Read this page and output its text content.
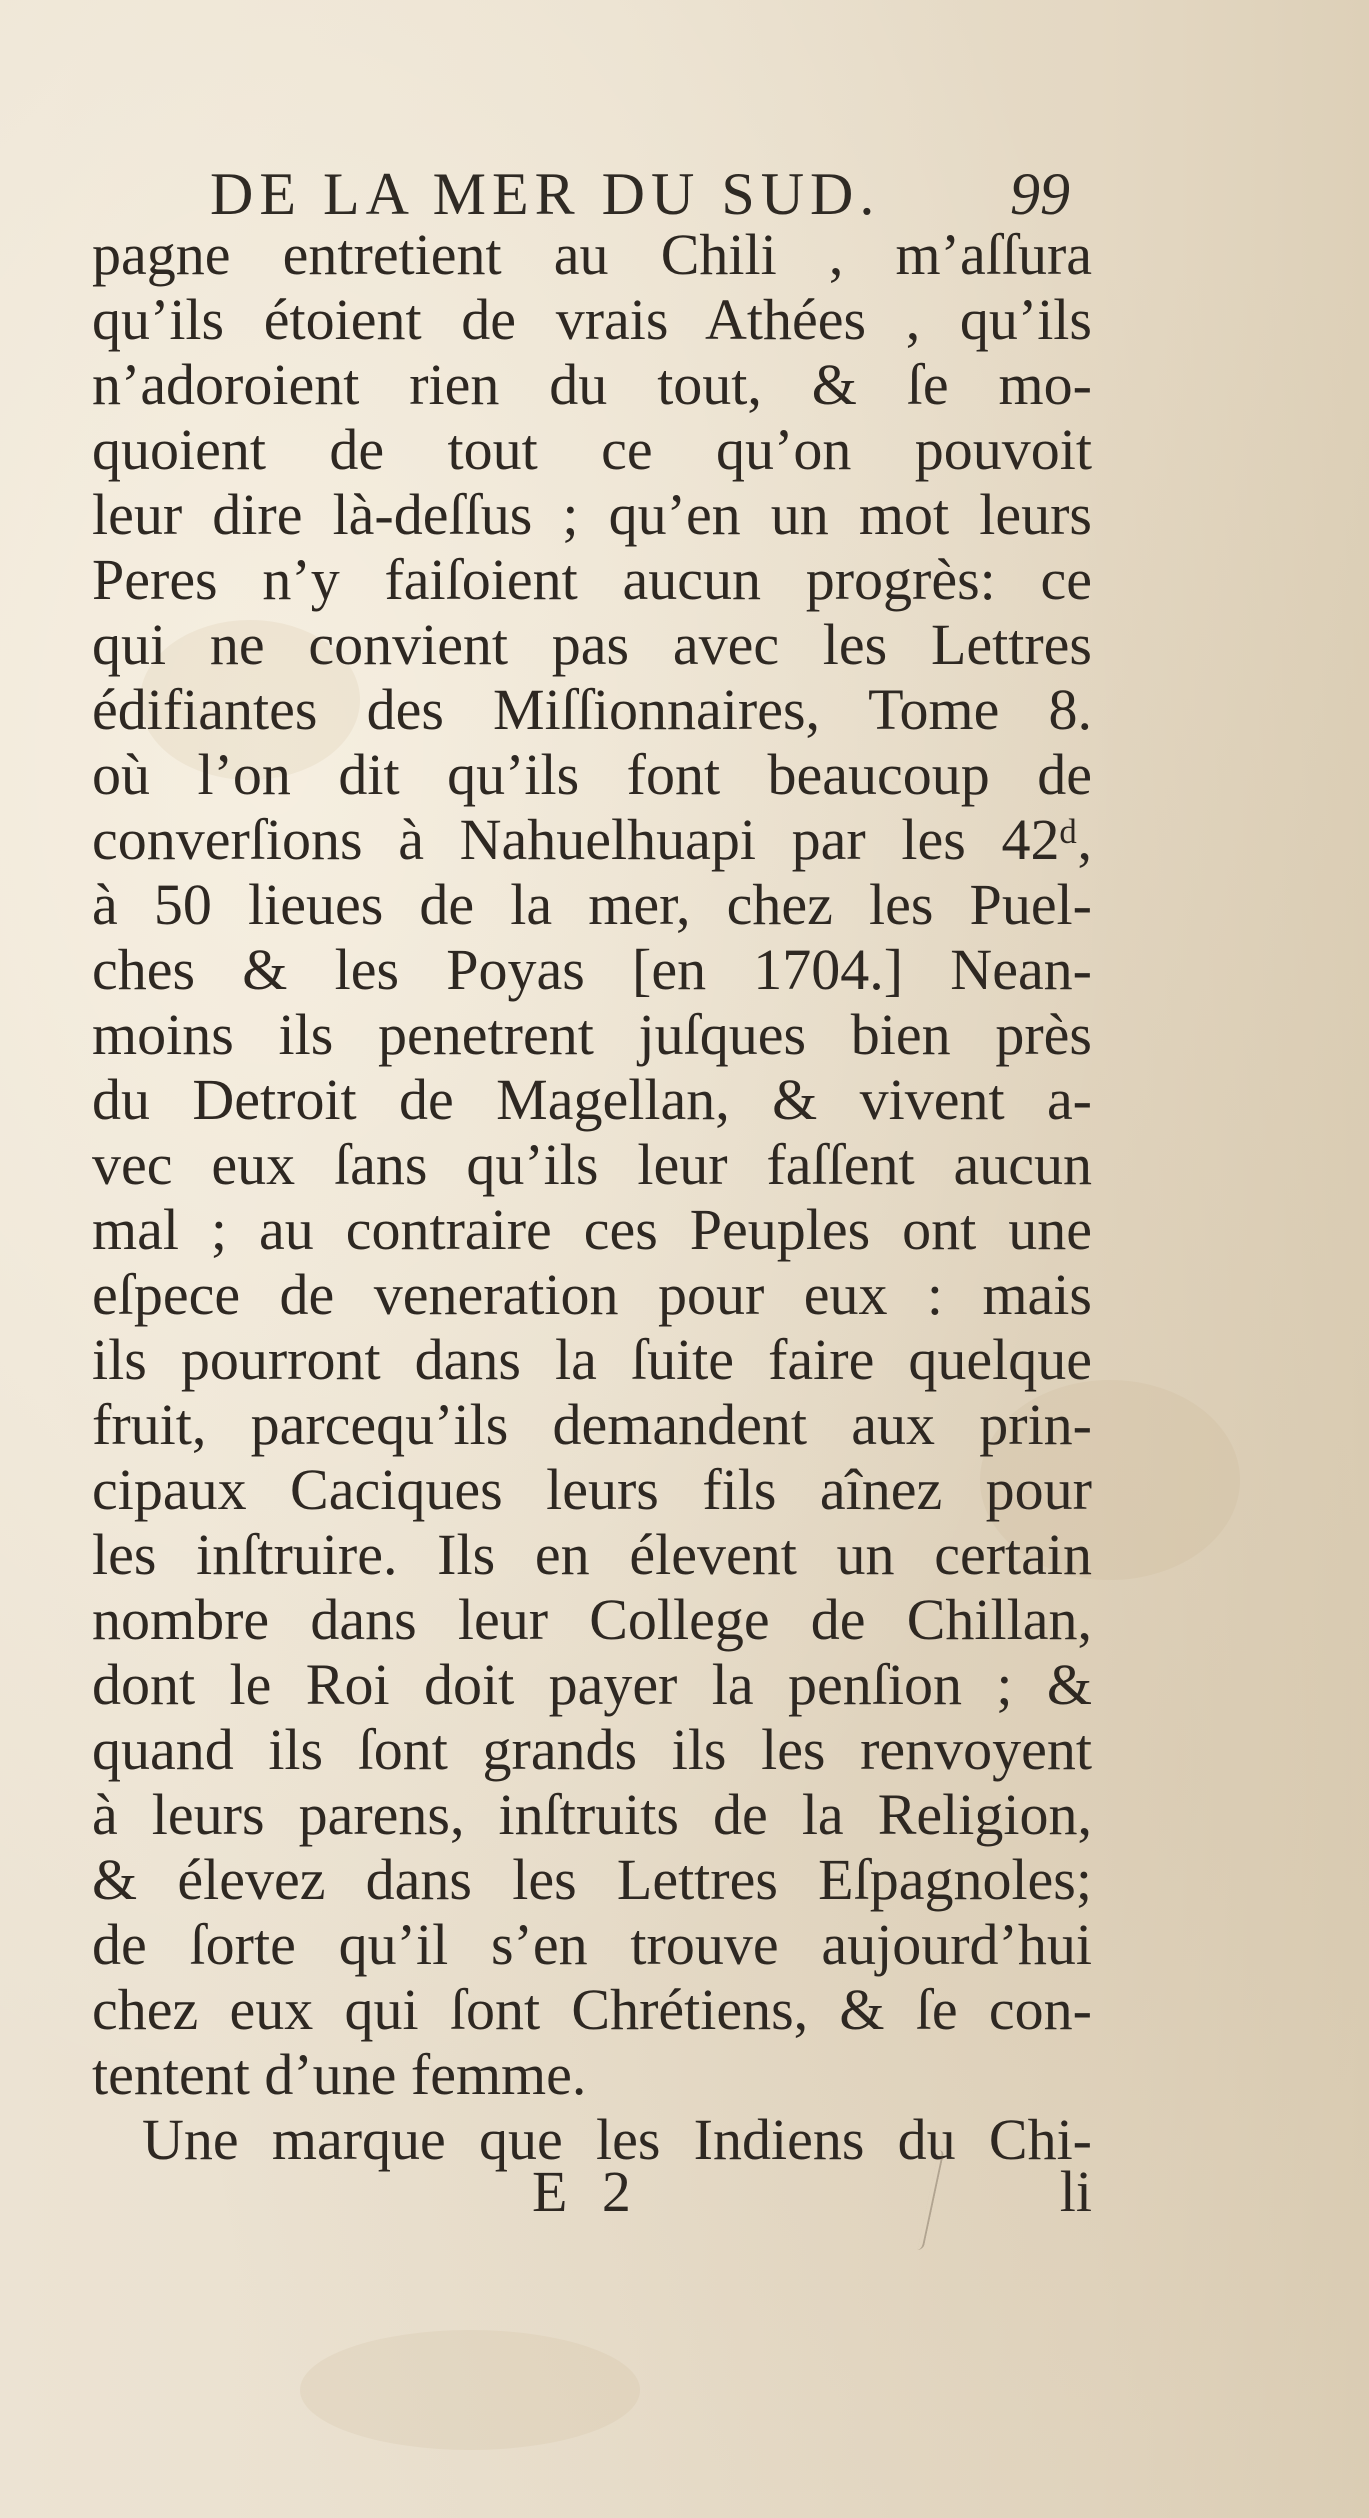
DE LA MER DU SUD. 99
pagne entretient au Chili , m’aſſura
qu’ils étoient de vrais Athées , qu’ils
n’adoroient rien du tout, & ſe mo-
quoient de tout ce qu’on pouvoit
leur dire là-deſſus ; qu’en un mot leurs
Peres n’y faiſoient aucun progrès: ce
qui ne convient pas avec les Lettres
édifiantes des Miſſionnaires, Tome 8.
où l’on dit qu’ils font beaucoup de
converſions à Nahuelhuapi par les 42ᵈ,
à 50 lieues de la mer, chez les Puel-
ches & les Poyas [en 1704.] Nean-
moins ils penetrent juſques bien près
du Detroit de Magellan, & vivent a-
vec eux ſans qu’ils leur faſſent aucun
mal ; au contraire ces Peuples ont une
eſpece de veneration pour eux : mais
ils pourront dans la ſuite faire quelque
fruit, parcequ’ils demandent aux prin-
cipaux Caciques leurs fils aînez pour
les inſtruire. Ils en élevent un certain
nombre dans leur College de Chillan,
dont le Roi doit payer la penſion ; &
quand ils ſont grands ils les renvoyent
à leurs parens, inſtruits de la Religion,
& élevez dans les Lettres Eſpagnoles;
de ſorte qu’il s’en trouve aujourd’hui
chez eux qui ſont Chrétiens, & ſe con-
tentent d’une femme.
Une marque que les Indiens du Chi-
E 2	li
